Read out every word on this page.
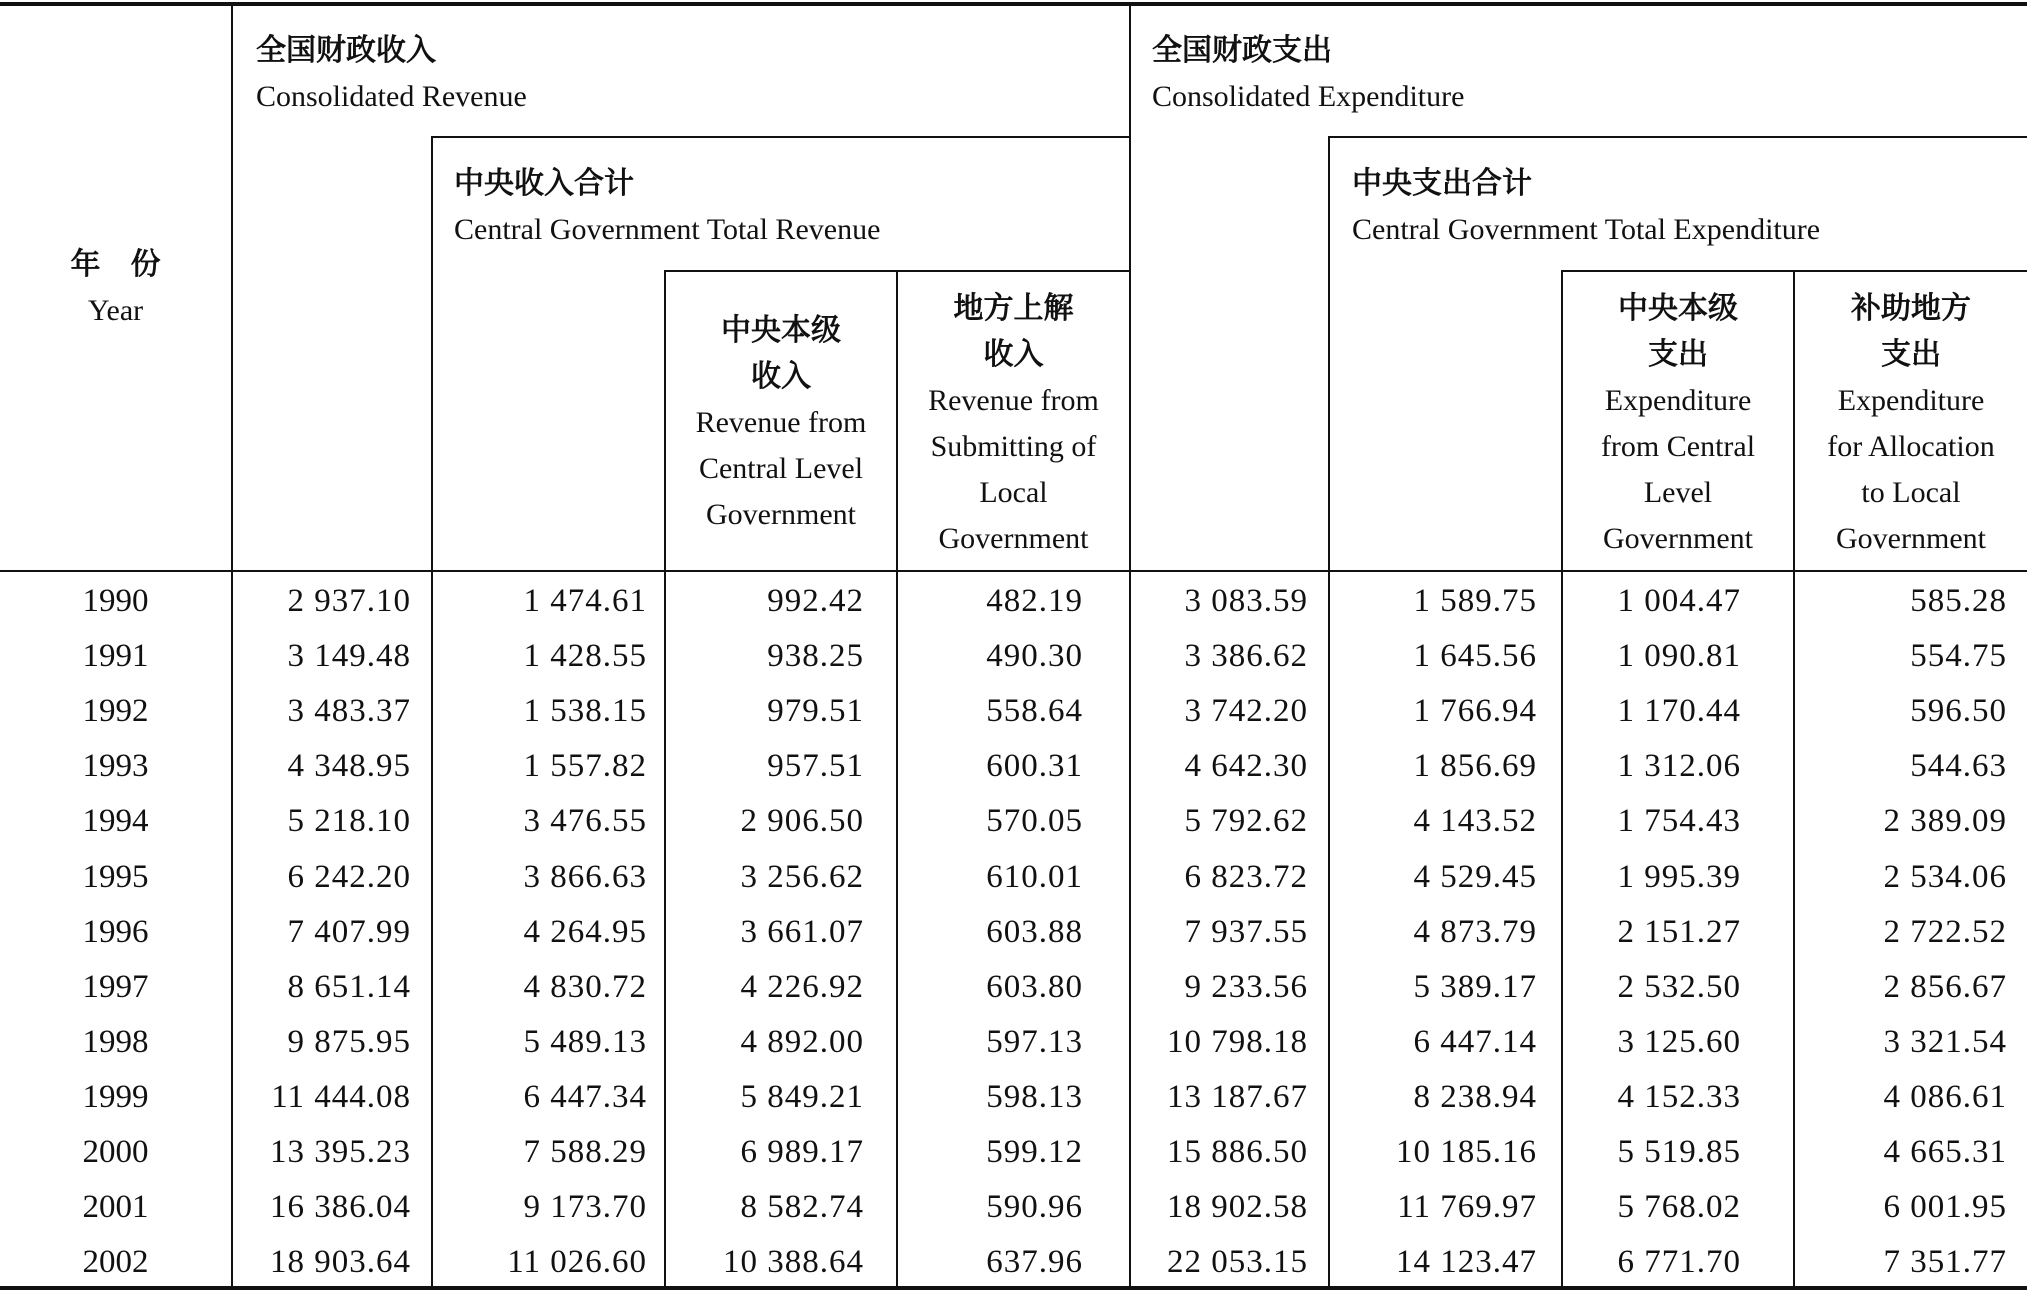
年　份
Year
全国财政收入
Consolidated Revenue
中央收入合计
Central Government Total Revenue
中央本级
收入
Revenue from
Central Level
Government
地方上解
收入
Revenue from
Submitting of
Local
Government
全国财政支出
Consolidated Expenditure
中央支出合计
Central Government Total Expenditure
中央本级
支出
Expenditure
from Central
Level
Government
补助地方
支出
Expenditure
for Allocation
to Local
Government
1990	2 937.10	1 474.61	992.42	482.19	3 083.59	1 589.75	1 004.47	585.28
1991	3 149.48	1 428.55	938.25	490.30	3 386.62	1 645.56	1 090.81	554.75
1992	3 483.37	1 538.15	979.51	558.64	3 742.20	1 766.94	1 170.44	596.50
1993	4 348.95	1 557.82	957.51	600.31	4 642.30	1 856.69	1 312.06	544.63
1994	5 218.10	3 476.55	2 906.50	570.05	5 792.62	4 143.52	1 754.43	2 389.09
1995	6 242.20	3 866.63	3 256.62	610.01	6 823.72	4 529.45	1 995.39	2 534.06
1996	7 407.99	4 264.95	3 661.07	603.88	7 937.55	4 873.79	2 151.27	2 722.52
1997	8 651.14	4 830.72	4 226.92	603.80	9 233.56	5 389.17	2 532.50	2 856.67
1998	9 875.95	5 489.13	4 892.00	597.13	10 798.18	6 447.14	3 125.60	3 321.54
1999	11 444.08	6 447.34	5 849.21	598.13	13 187.67	8 238.94	4 152.33	4 086.61
2000	13 395.23	7 588.29	6 989.17	599.12	15 886.50	10 185.16	5 519.85	4 665.31
2001	16 386.04	9 173.70	8 582.74	590.96	18 902.58	11 769.97	5 768.02	6 001.95
2002	18 903.64	11 026.60	10 388.64	637.96	22 053.15	14 123.47	6 771.70	7 351.77
